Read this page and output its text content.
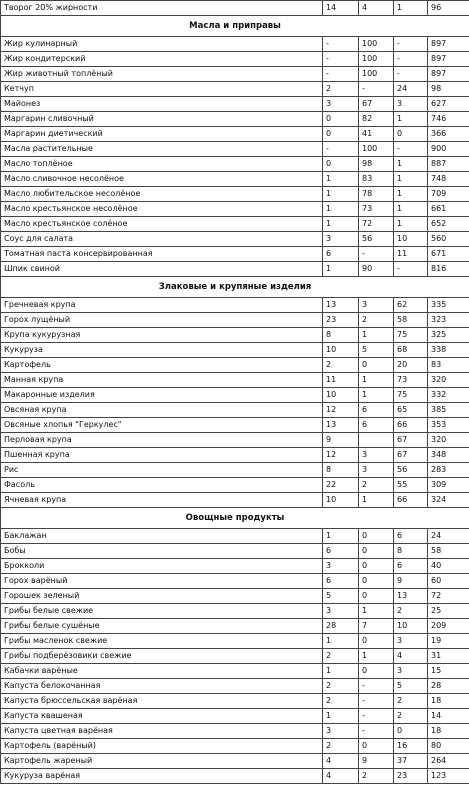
Творог 20% жирности	14	4	1	96
Масла и приправы				
Жир кулинарный	-	100	-	897
Жир кондитерский	-	100	-	897
Жир животный топлёный	-	100	-	897
Кетчуп	2	-	24	98
Майонез	3	67	3	627
Маргарин сливочный	0	82	1	746
Маргарин диетический	0	41	0	366
Масла растительные	-	100	-	900
Масло топлёное	0	98	1	887
Масло сливочное несолёное	1	83	1	748
Масло любительское несолёное	1	78	1	709
Масло крестьянское несолёное	1	73	1	661
Масло крестьянское солёное	1	72	1	652
Соус для салата	3	56	10	560
Томатная паста консервированная	6	-	11	671
Шпик свиной	1	90	-	816
Злаковые и крупяные изделия				
Гречневая крупа	13	3	62	335
Горох лущёный	23	2	58	323
Крупа кукурузная	8	1	75	325
Кукуруза	10	5	68	338
Картофель	2	0	20	83
Манная крупа	11	1	73	320
Макаронные изделия	10	1	75	332
Овсяная крупа	12	6	65	385
Овсяные хлопья "Геркулес"	13	6	66	353
Перловая крупа	9		67	320
Пшенная крупа	12	3	67	348
Рис	8	3	56	283
Фасоль	22	2	55	309
Ячневая крупа	10	1	66	324
Овощные продукты				
Баклажан	1	0	6	24
Бобы	6	0	8	58
Брокколи	3	0	6	40
Горох варёный	6	0	9	60
Горошек зеленый	5	0	13	72
Грибы белые свежие	3	1	2	25
Грибы белые сушёные	28	7	10	209
Грибы масленок свежие	1	0	3	19
Грибы подберёзовики свежие	2	1	4	31
Кабачки варёные	1	0	3	15
Капуста белокочанная	2	-	5	28
Капуста брюссельская варёная	2	-	2	18
Капуста квашеная	1	-	2	14
Капуста цветная варёная	3	-	0	18
Картофель (варёный)	2	0	16	80
Картофель жареный	4	9	37	264
Кукуруза варёная	4	2	23	123
